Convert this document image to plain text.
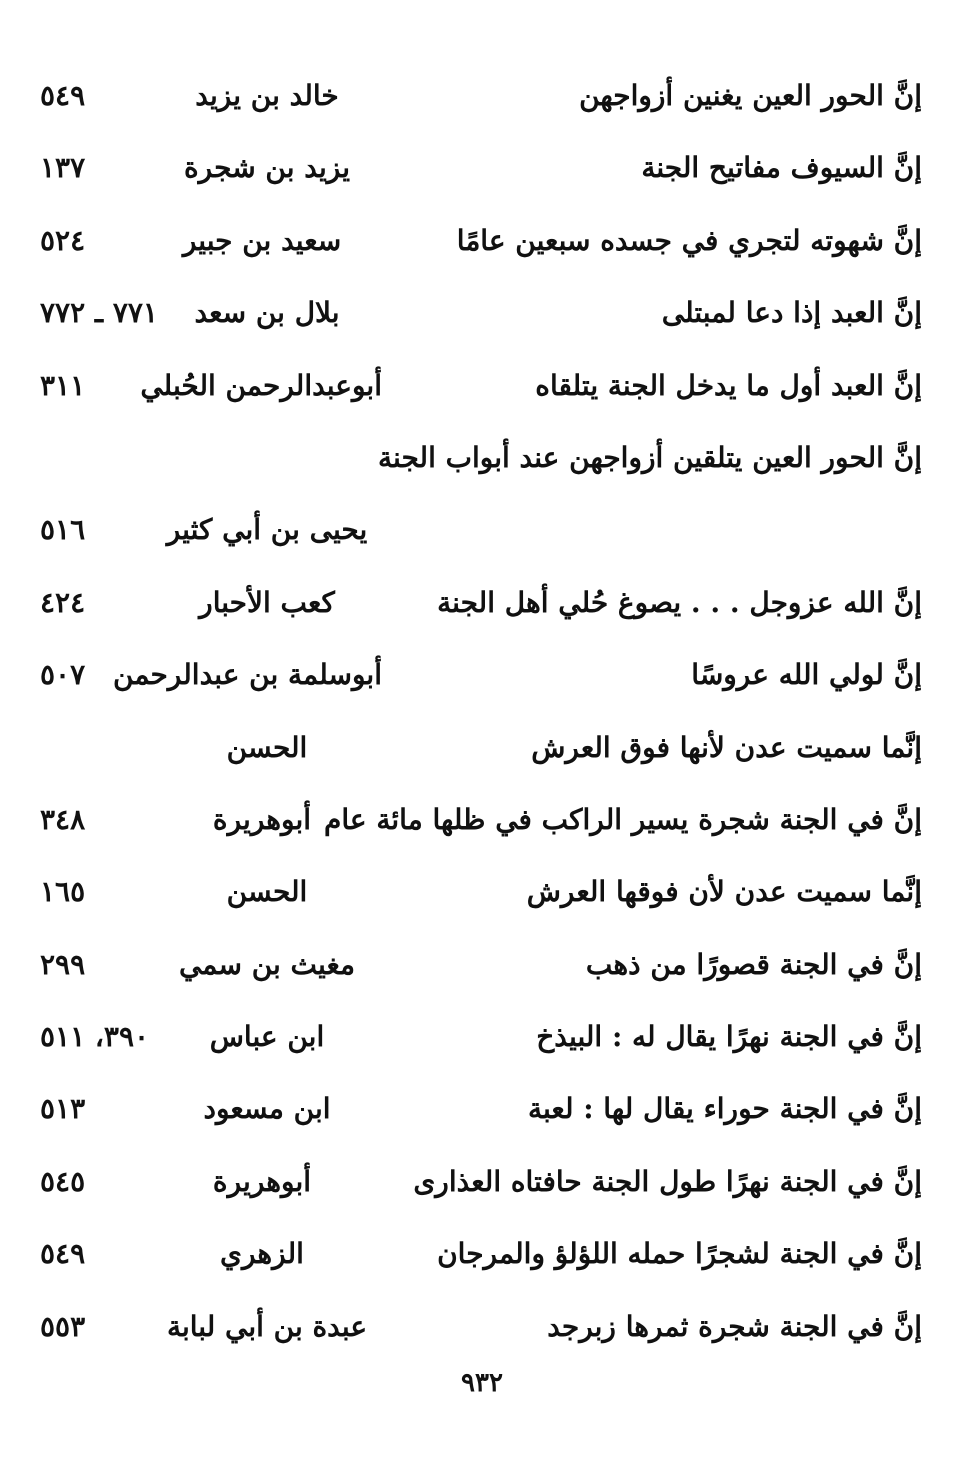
إنَّ الحور العين يغنين أزواجهن
خالد بن يزيد
٥٤٩
إنَّ السيوف مفاتيح الجنة
يزيد بن شجرة
١٣٧
إنَّ شهوته لتجري في جسده سبعين عامًا
سعيد بن جبير
٥٢٤
إنَّ العبد إذا دعا لمبتلى
بلال بن سعد
٧٧١ ـ ٧٧٢
إنَّ العبد أول ما يدخل الجنة يتلقاه
أبوعبدالرحمن الحُبلي
٣١١
إنَّ الحور العين يتلقين أزواجهن عند أبواب الجنة
يحيى بن أبي كثير
٥١٦
إنَّ الله عزوجل . . . يصوغ حُلي أهل الجنة
كعب الأحبار
٤٢٤
إنَّ لولي الله عروسًا
أبوسلمة بن عبدالرحمن
٥٠٧
إنَّما سميت عدن لأنها فوق العرش
الحسن
إنَّ في الجنة شجرة يسير الراكب في ظلها مائة عام
أبوهريرة
٣٤٨
إنَّما سميت عدن لأن فوقها العرش
الحسن
١٦٥
إنَّ في الجنة قصورًا من ذهب
مغيث بن سمي
٢٩٩
إنَّ في الجنة نهرًا يقال له : البيذخ
ابن عباس
٣٩٠، ٥١١
إنَّ في الجنة حوراء يقال لها : لعبة
ابن مسعود
٥١٣
إنَّ في الجنة نهرًا طول الجنة حافتاه العذارى
أبوهريرة
٥٤٥
إنَّ في الجنة لشجرًا حمله اللؤلؤ والمرجان
الزهري
٥٤٩
إنَّ في الجنة شجرة ثمرها زبرجد
عبدة بن أبي لبابة
٥٥٣
٩٣٢
